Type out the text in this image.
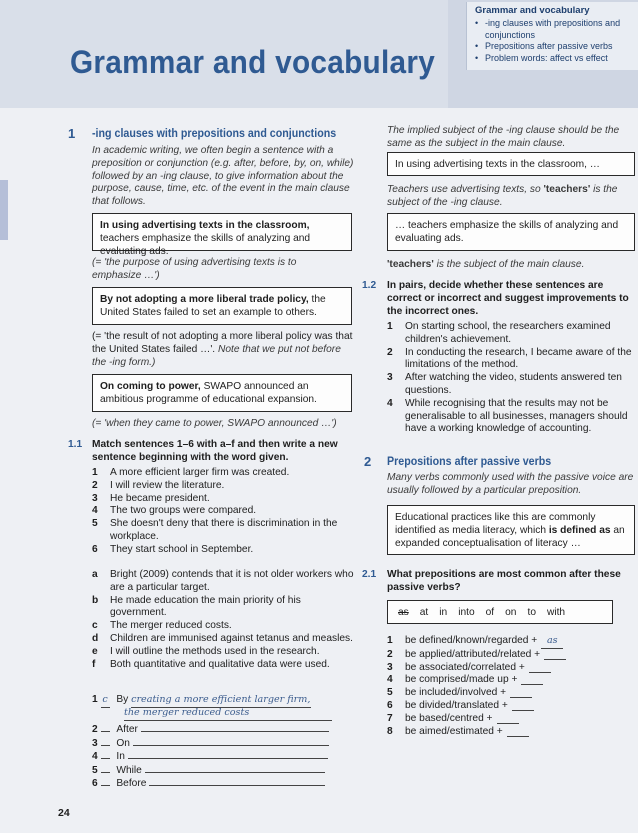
Grammar and vocabulary
Grammar and vocabulary
• -ing clauses with prepositions and conjunctions
• Prepositions after passive verbs
• Problem words: affect vs effect
1 -ing clauses with prepositions and conjunctions
In academic writing, we often begin a sentence with a preposition or conjunction (e.g. after, before, by, on, while) followed by an -ing clause, to give information about the purpose, cause, time, etc. of the event in the main clause that follows.
In using advertising texts in the classroom, teachers emphasize the skills of analyzing and evaluating ads.
(= 'the purpose of using advertising texts is to emphasize …')
By not adopting a more liberal trade policy, the United States failed to set an example to others.
(= 'the result of not adopting a more liberal policy was that the United States failed …'. Note that we put not before the -ing form.)
On coming to power, SWAPO announced an ambitious programme of educational expansion.
(= 'when they came to power, SWAPO announced …')
1.1 Match sentences 1–6 with a–f and then write a new sentence beginning with the word given.
1	A more efficient larger firm was created.
2	I will review the literature.
3	He became president.
4	The two groups were compared.
5	She doesn't deny that there is discrimination in the workplace.
6	They start school in September.
a	Bright (2009) contends that it is not older workers who are a particular target.
b	He made education the main priority of his government.
c	The merger reduced costs.
d	Children are immunised against tetanus and measles.
e	I will outline the methods used in the research.
f	Both quantitative and qualitative data were used.
1 c By creating a more efficient larger firm,
the merger reduced costs
2 After
3 On
4 In
5 While
6 Before
24
The implied subject of the -ing clause should be the same as the subject in the main clause.
In using advertising texts in the classroom, …
Teachers use advertising texts, so 'teachers' is the subject of the -ing clause.
… teachers emphasize the skills of analyzing and evaluating ads.
'teachers' is the subject of the main clause.
1.2 In pairs, decide whether these sentences are correct or incorrect and suggest improvements to the incorrect ones.
1	On starting school, the researchers examined children's achievement.
2	In conducting the research, I became aware of the limitations of the method.
3	After watching the video, students answered ten questions.
4	While recognising that the results may not be generalisable to all businesses, managers should have a working knowledge of accounting.
2 Prepositions after passive verbs
Many verbs commonly used with the passive voice are usually followed by a particular preposition.
Educational practices like this are commonly identified as media literacy, which is defined as an expanded conceptualisation of literacy …
2.1 What prepositions are most common after these passive verbs?
as at in into of on to with
1	be defined/known/regarded +	as
2	be applied/attributed/related +
3	be associated/correlated +
4	be comprised/made up +
5	be included/involved +
6	be divided/translated +
7	be based/centred +
8	be aimed/estimated +
